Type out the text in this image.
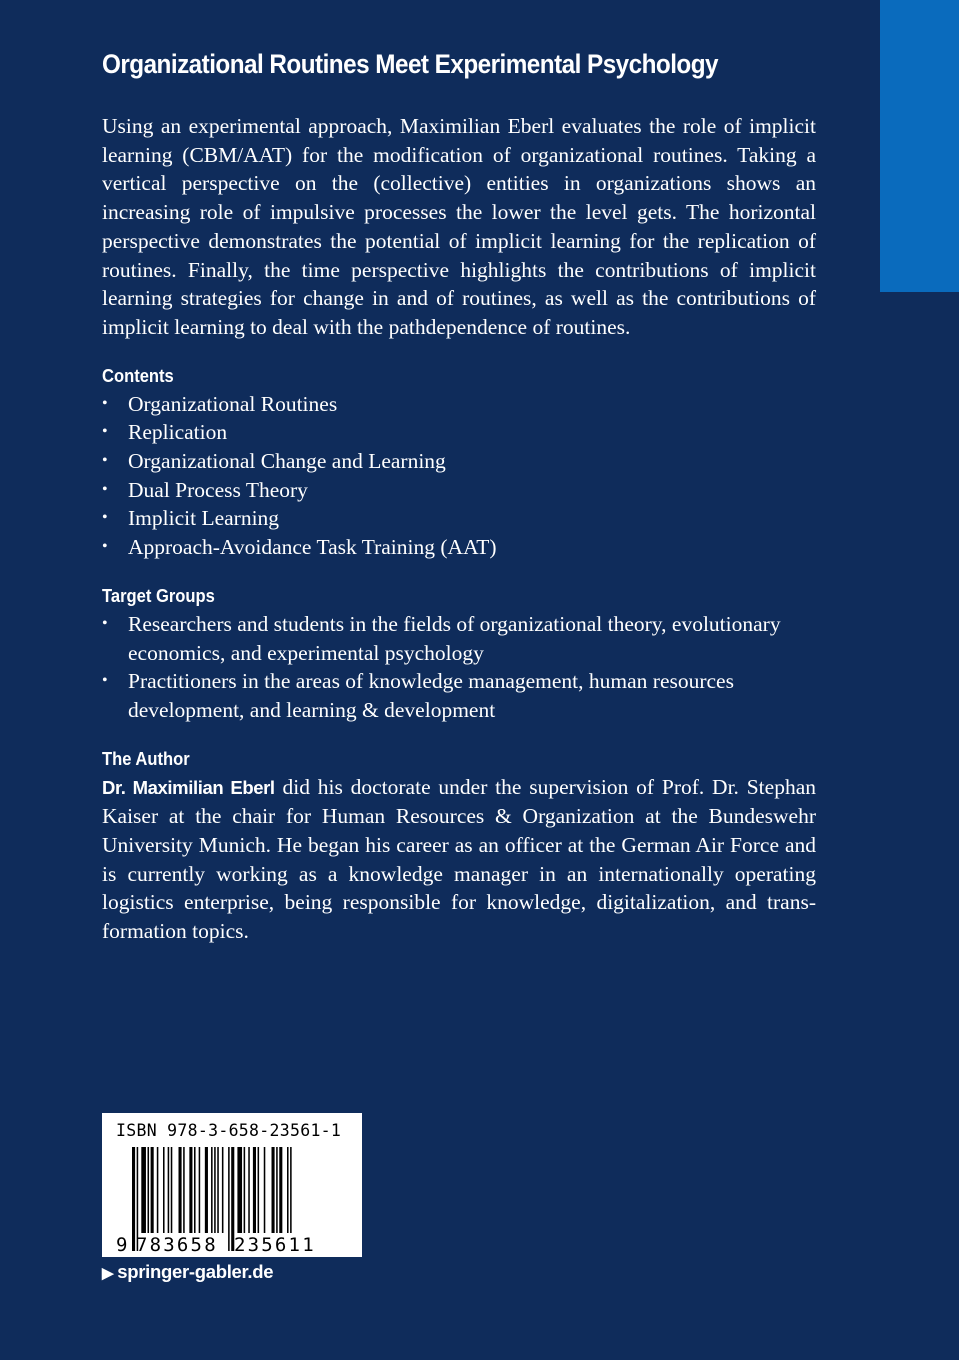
Organizational Routines Meet Experimental Psychology

Using an experimental approach, Maximilian Eberl evaluates the role of implicit learning (CBM/AAT) for the modification of organizational routines. Taking a vertical perspective on the (collective) entities in organizations shows an increasing role of impulsive processes the lower the level gets. The horizontal perspective demonstrates the potential of implicit learning for the replication of routines. Finally, the time perspective highlights the contributions of implicit learning strategies for change in and of routines, as well as the contributions of implicit learning to deal with the pathdependence of routines.

Contents
• Organizational Routines
• Replication
• Organizational Change and Learning
• Dual Process Theory
• Implicit Learning
• Approach-Avoidance Task Training (AAT)
Target Groups
• Researchers and students in the fields of organizational theory, evolutionary economics, and experimental psychology
• Practitioners in the areas of knowledge management, human resources development, and learning & development
The Author

Dr. Maximilian Eberl did his doctorate under the supervision of Prof. Dr. Stephan Kaiser at the chair for Human Resources & Organization at the Bundeswehr University Munich. He began his career as an officer at the German Air Force and is currently working as a knowledge manager in an internationally operating logistics enterprise, being responsible for knowledge, digitalization, and transformation topics.

9 783658 235611
ISBN 978-3-658-23561-1
▶ springer-gabler.de
